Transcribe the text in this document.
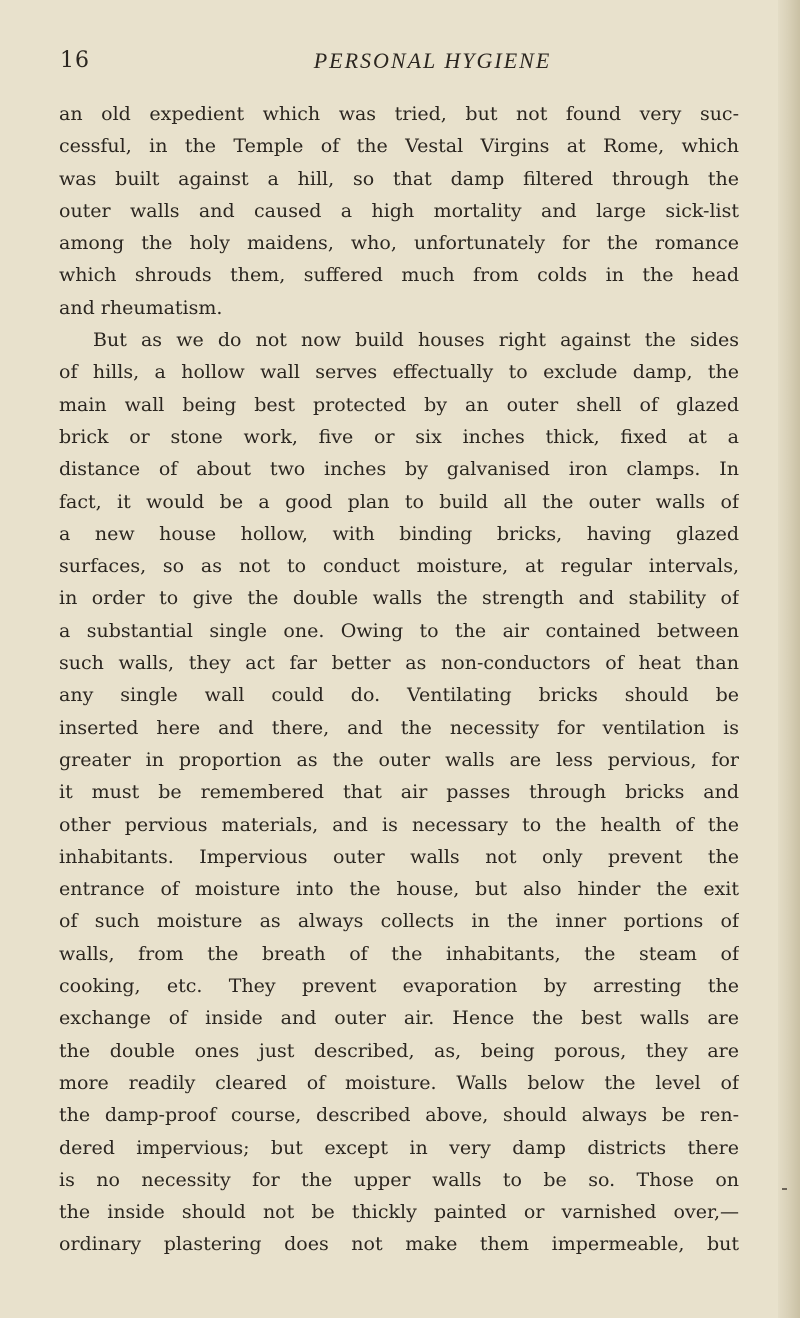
16	PERSONAL HYGIENE
an old expedient which was tried, but not found very suc-
cessful, in the Temple of the Vestal Virgins at Rome, which
was built against a hill, so that damp filtered through the
outer walls and caused a high mortality and large sick-list
among the holy maidens, who, unfortunately for the romance
which shrouds them, suffered much from colds in the head
and rheumatism.
But as we do not now build houses right against the sides
of hills, a hollow wall serves effectually to exclude damp, the
main wall being best protected by an outer shell of glazed
brick or stone work, five or six inches thick, fixed at a
distance of about two inches by galvanised iron clamps. In
fact, it would be a good plan to build all the outer walls of
a new house hollow, with binding bricks, having glazed
surfaces, so as not to conduct moisture, at regular intervals,
in order to give the double walls the strength and stability of
a substantial single one. Owing to the air contained between
such walls, they act far better as non-conductors of heat than
any single wall could do. Ventilating bricks should be
inserted here and there, and the necessity for ventilation is
greater in proportion as the outer walls are less pervious, for
it must be remembered that air passes through bricks and
other pervious materials, and is necessary to the health of the
inhabitants. Impervious outer walls not only prevent the
entrance of moisture into the house, but also hinder the exit
of such moisture as always collects in the inner portions of
walls, from the breath of the inhabitants, the steam of
cooking, etc. They prevent evaporation by arresting the
exchange of inside and outer air. Hence the best walls are
the double ones just described, as, being porous, they are
more readily cleared of moisture. Walls below the level of
the damp-proof course, described above, should always be ren-
dered impervious; but except in very damp districts there
is no necessity for the upper walls to be so. Those on
the inside should not be thickly painted or varnished over,—
ordinary plastering does not make them impermeable, but
